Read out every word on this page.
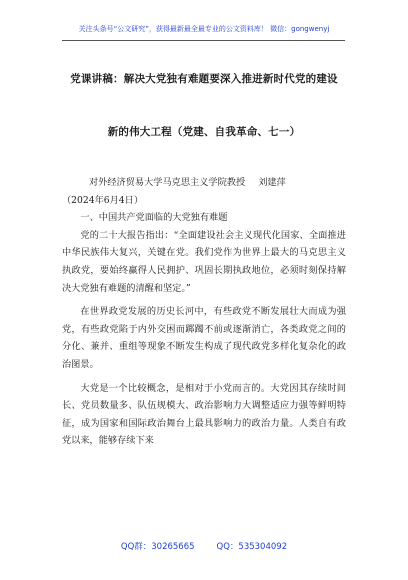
关注头条号“公文研究”，获得最新最全最专业的公文资料库！ 微信：gongwenyj
党课讲稿：解决大党独有难题要深入推进新时代党的建设
新的伟大工程（党建、自我革命、七一）

对外经济贸易大学马克思主义学院教授 刘建萍

（2024年6月4日）

一、中国共产党面临的大党独有难题

党的二十大报告指出：“全面建设社会主义现代化国家、全面推进中华民族伟大复兴，关键在党。我们党作为世界上最大的马克思主义执政党，要始终赢得人民拥护、巩固长期执政地位，必须时刻保持解决大党独有难题的清醒和坚定。”

在世界政党发展的历史长河中，有些政党不断发展壮大而成为强党，有些政党陷于内外交困而踯躅不前或逐渐消亡，各类政党之间的分化、兼并、重组等现象不断发生构成了现代政党多样化复杂化的政治图景。

大党是一个比较概念，是相对于小党而言的。大党因其存续时间长、党员数量多、队伍规模大、政治影响力大调整适应力强等鲜明特征，成为国家和国际政治舞台上最具影响力的政治力量。人类自有政党以来，能够存续下来

QQ群：30265665	QQ：535304092
